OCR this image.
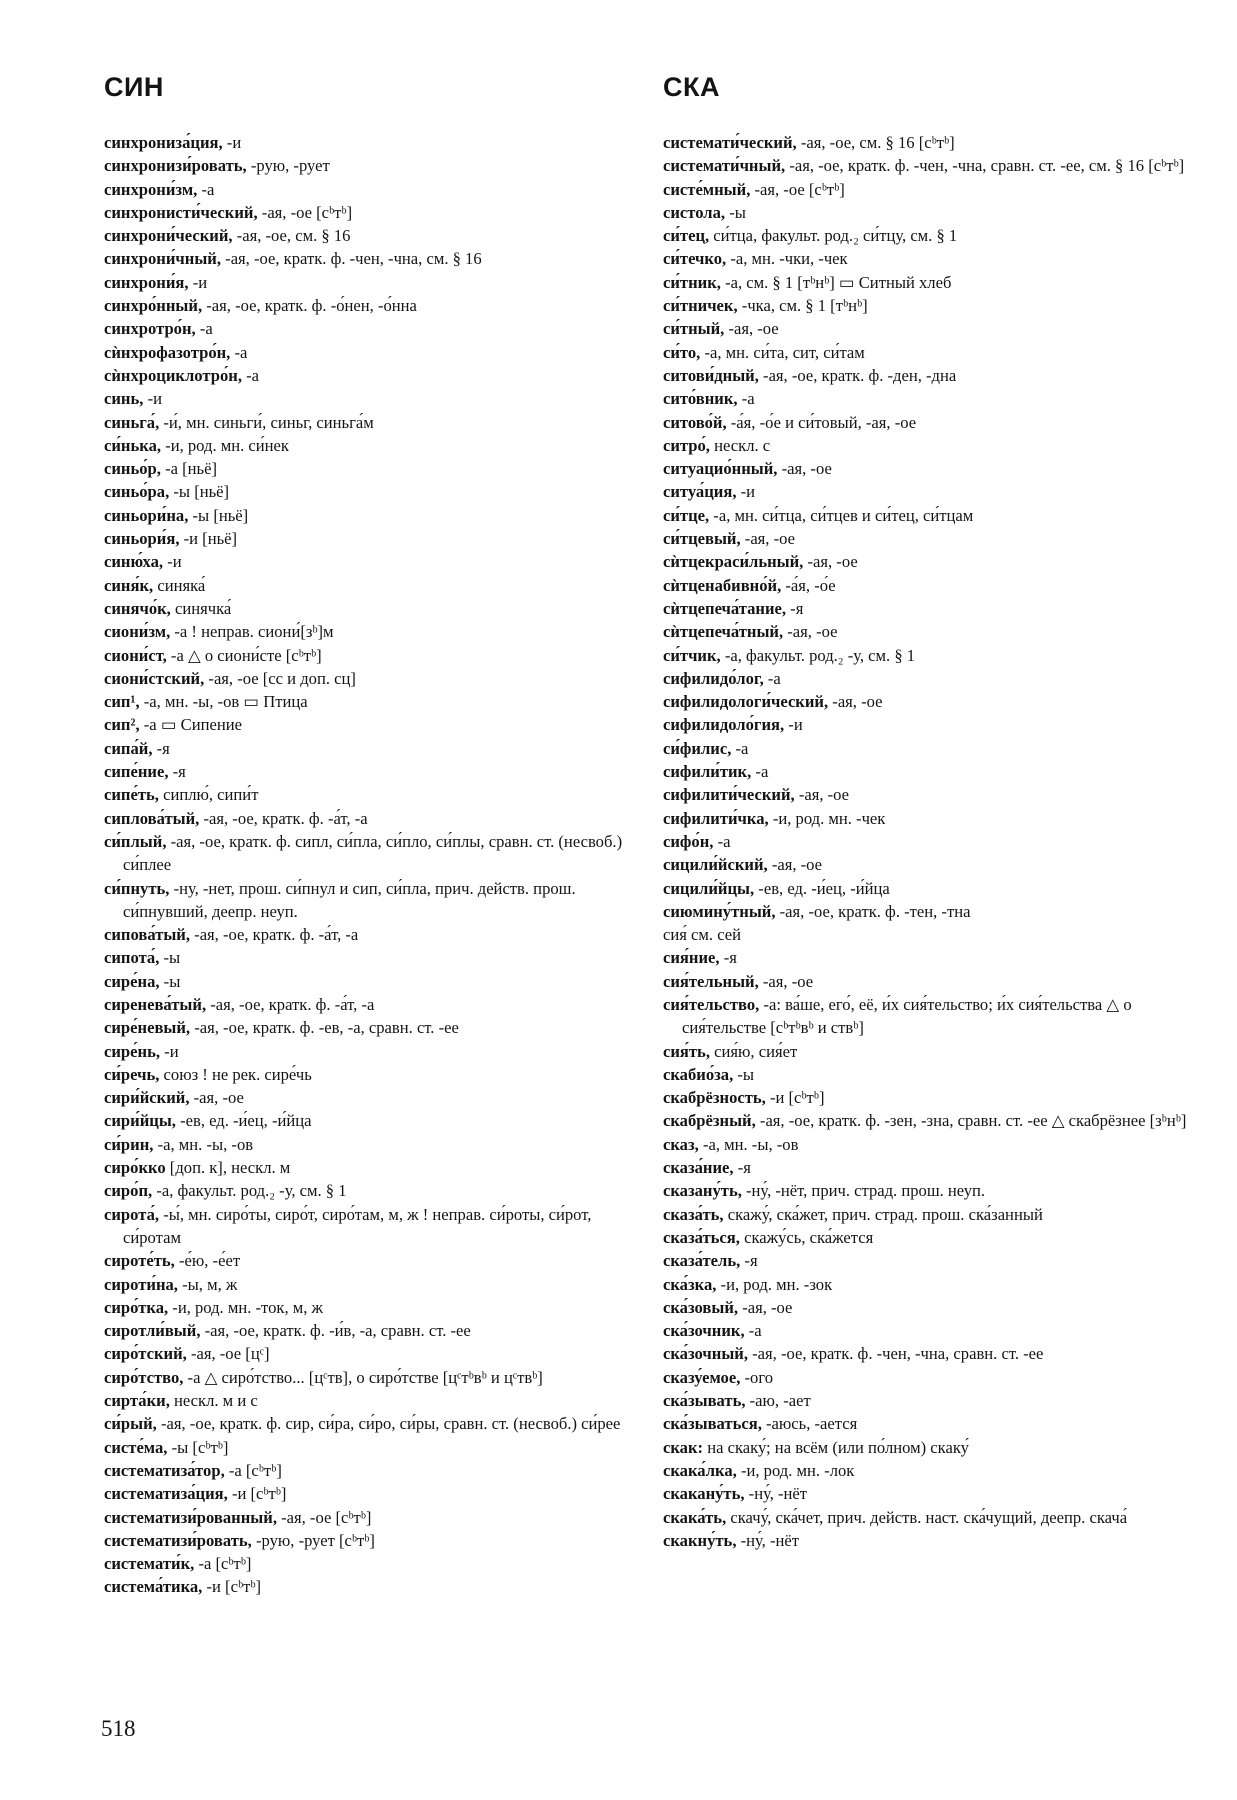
СИН	СКА

синхрониза́ция, -и

синхронизи́ровать, -рую, -рует

синхрони́зм, -а

синхронисти́ческий, -ая, -ое [сᵇтᵇ]

синхрони́ческий, -ая, -ое, см. § 16

синхрони́чный, -ая, -ое, кратк. ф. -чен, -чна, см. § 16

синхрони́я, -и

синхро́нный, -ая, -ое, кратк. ф. -о́нен, -о́нна

синхротро́н, -а

сѝнхрофазотро́н, -а

сѝнхроциклотро́н, -а

синь, -и

синьга́, -и́, мн. синьги́, синьг, синьга́м

си́нька, -и, род. мн. си́нек

синьо́р, -а [ньё]

синьо́ра, -ы [ньё]

синьори́на, -ы [ньё]

синьори́я, -и [ньё]

синю́ха, -и

синя́к, синяка́

синячо́к, синячка́

сиони́зм, -а ! неправ. сиони́[зᵇ]м

сиони́ст, -а △ о сиони́сте [сᵇтᵇ]

сиони́стский, -ая, -ое [сс и доп. сц]

сип¹, -а, мн. -ы, -ов ▭ Птица

сип², -а ▭ Сипение

сипа́й, -я

сипе́ние, -я

сипе́ть, сиплю́, сипи́т

сиплова́тый, -ая, -ое, кратк. ф. -а́т, -а

си́плый, -ая, -ое, кратк. ф. сипл, си́пла, си́пло, си́плы, сравн. ст. (несвоб.) си́плее

си́пнуть, -ну, -нет, прош. си́пнул и сип, си́пла, прич. действ. прош. си́пнувший, деепр. неуп.

сипова́тый, -ая, -ое, кратк. ф. -а́т, -а

сипота́, -ы

сире́на, -ы

сиренева́тый, -ая, -ое, кратк. ф. -а́т, -а

сире́невый, -ая, -ое, кратк. ф. -ев, -а, сравн. ст. -ее

сире́нь, -и

си́речь, союз ! не рек. сире́чь

сири́йский, -ая, -ое

сири́йцы, -ев, ед. -и́ец, -и́йца

си́рин, -а, мн. -ы, -ов

сиро́кко [доп. к], нескл. м

сиро́п, -а, факульт. род.₂ -у, см. § 1

сирота́, -ы́, мн. сиро́ты, сиро́т, сиро́там, м, ж ! неправ. си́роты, си́рот, си́ротам

сироте́ть, -е́ю, -е́ет

сироти́на, -ы, м, ж

сиро́тка, -и, род. мн. -ток, м, ж

сиротли́вый, -ая, -ое, кратк. ф. -и́в, -а, сравн. ст. -ее

сиро́тский, -ая, -ое [цᶜ]

сиро́тство, -а △ сиро́тство... [цᶜтв], о сиро́тстве [цᶜтᵇвᵇ и цᶜтвᵇ]

сирта́ки, нескл. м и с

си́рый, -ая, -ое, кратк. ф. сир, си́ра, си́ро, си́ры, сравн. ст. (несвоб.) си́рее

систе́ма, -ы [сᵇтᵇ]

систематиза́тор, -а [сᵇтᵇ]

систематиза́ция, -и [сᵇтᵇ]

систематизи́рованный, -ая, -ое [сᵇтᵇ]

систематизи́ровать, -рую, -рует [сᵇтᵇ]

системати́к, -а [сᵇтᵇ]

система́тика, -и [сᵇтᵇ]

системати́ческий, -ая, -ое, см. § 16 [сᵇтᵇ]

системати́чный, -ая, -ое, кратк. ф. -чен, -чна, сравн. ст. -ее, см. § 16 [сᵇтᵇ]

систе́мный, -ая, -ое [сᵇтᵇ]

систола, -ы

си́тец, си́тца, факульт. род.₂ си́тцу, см. § 1

си́течко, -а, мн. -чки, -чек

си́тник, -а, см. § 1 [тᵇнᵇ] ▭ Ситный хлеб

си́тничек, -чка, см. § 1 [тᵇнᵇ]

си́тный, -ая, -ое

си́то, -а, мн. си́та, сит, си́там

ситови́дный, -ая, -ое, кратк. ф. -ден, -дна

сито́вник, -а

ситово́й, -а́я, -о́е и си́товый, -ая, -ое

ситро́, нескл. с

ситуацио́нный, -ая, -ое

ситуа́ция, -и

си́тце, -а, мн. си́тца, си́тцев и си́тец, си́тцам

си́тцевый, -ая, -ое

сѝтцекраси́льный, -ая, -ое

сѝтценабивно́й, -а́я, -о́е

сѝтцепеча́тание, -я

сѝтцепеча́тный, -ая, -ое

си́тчик, -а, факульт. род.₂ -у, см. § 1

сифилидо́лог, -а

сифилидологи́ческий, -ая, -ое

сифилидоло́гия, -и

си́филис, -а

сифили́тик, -а

сифилити́ческий, -ая, -ое

сифилити́чка, -и, род. мн. -чек

сифо́н, -а

сицили́йский, -ая, -ое

сицили́йцы, -ев, ед. -и́ец, -и́йца

сиюмину́тный, -ая, -ое, кратк. ф. -тен, -тна

сия́ см. сей

сия́ние, -я

сия́тельный, -ая, -ое

сия́тельство, -а: ва́ше, его́, её, и́х сия́тельство; и́х сия́тельства △ о сия́тельстве [сᵇтᵇвᵇ и ствᵇ]

сия́ть, сия́ю, сия́ет

скабио́за, -ы

скабрёзность, -и [сᵇтᵇ]

скабрёзный, -ая, -ое, кратк. ф. -зен, -зна, сравн. ст. -ее △ скабрёзнее [зᵇнᵇ]

сказ, -а, мн. -ы, -ов

сказа́ние, -я

сказану́ть, -ну́, -нёт, прич. страд. прош. неуп.

сказа́ть, скажу́, ска́жет, прич. страд. прош. ска́занный

сказа́ться, скажу́сь, ска́жется

сказа́тель, -я

ска́зка, -и, род. мн. -зок

ска́зовый, -ая, -ое

ска́зочник, -а

ска́зочный, -ая, -ое, кратк. ф. -чен, -чна, сравн. ст. -ее

сказу́емое, -ого

ска́зывать, -аю, -ает

ска́зываться, -аюсь, -ается

скак: на скаку́; на всём (или по́лном) скаку́

скака́лка, -и, род. мн. -лок

скакану́ть, -ну́, -нёт

скака́ть, скачу́, ска́чет, прич. действ. наст. ска́чущий, деепр. скача́

скакну́ть, -ну́, -нёт

518
